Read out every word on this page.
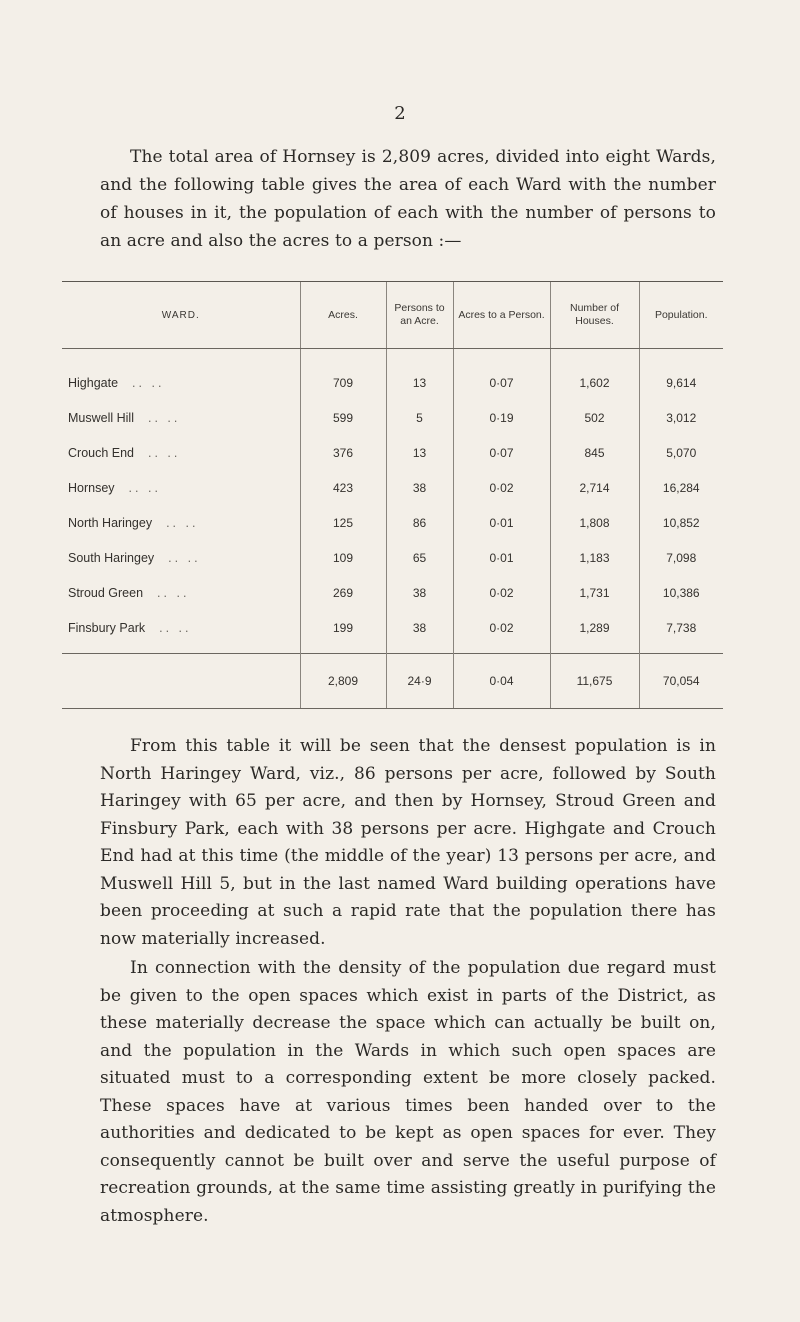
2

The total area of Hornsey is 2,809 acres, divided into eight Wards, and the following table gives the area of each Ward with the number of houses in it, the population of each with the number of persons to an acre and also the acres to a person :—

WARD.	Acres.	Persons to an Acre.	Acres to a Person.	Number of Houses.	Population.
Highgate .. ..	709	13	0·07	1,602	9,614
Muswell Hill .. ..	599	5	0·19	502	3,012
Crouch End .. ..	376	13	0·07	845	5,070
Hornsey .. ..	423	38	0·02	2,714	16,284
North Haringey .. ..	125	86	0·01	1,808	10,852
South Haringey .. ..	109	65	0·01	1,183	7,098
Stroud Green .. ..	269	38	0·02	1,731	10,386
Finsbury Park .. ..	199	38	0·02	1,289	7,738
	2,809	24·9	0·04	11,675	70,054

From this table it will be seen that the densest population is in North Haringey Ward, viz., 86 persons per acre, followed by South Haringey with 65 per acre, and then by Hornsey, Stroud Green and Finsbury Park, each with 38 persons per acre. Highgate and Crouch End had at this time (the middle of the year) 13 persons per acre, and Muswell Hill 5, but in the last named Ward building operations have been proceeding at such a rapid rate that the population there has now materially increased.

In connection with the density of the population due regard must be given to the open spaces which exist in parts of the District, as these materially decrease the space which can actually be built on, and the population in the Wards in which such open spaces are situated must to a corresponding extent be more closely packed. These spaces have at various times been handed over to the authorities and dedicated to be kept as open spaces for ever. They consequently cannot be built over and serve the useful purpose of recreation grounds, at the same time assisting greatly in purifying the atmosphere.
